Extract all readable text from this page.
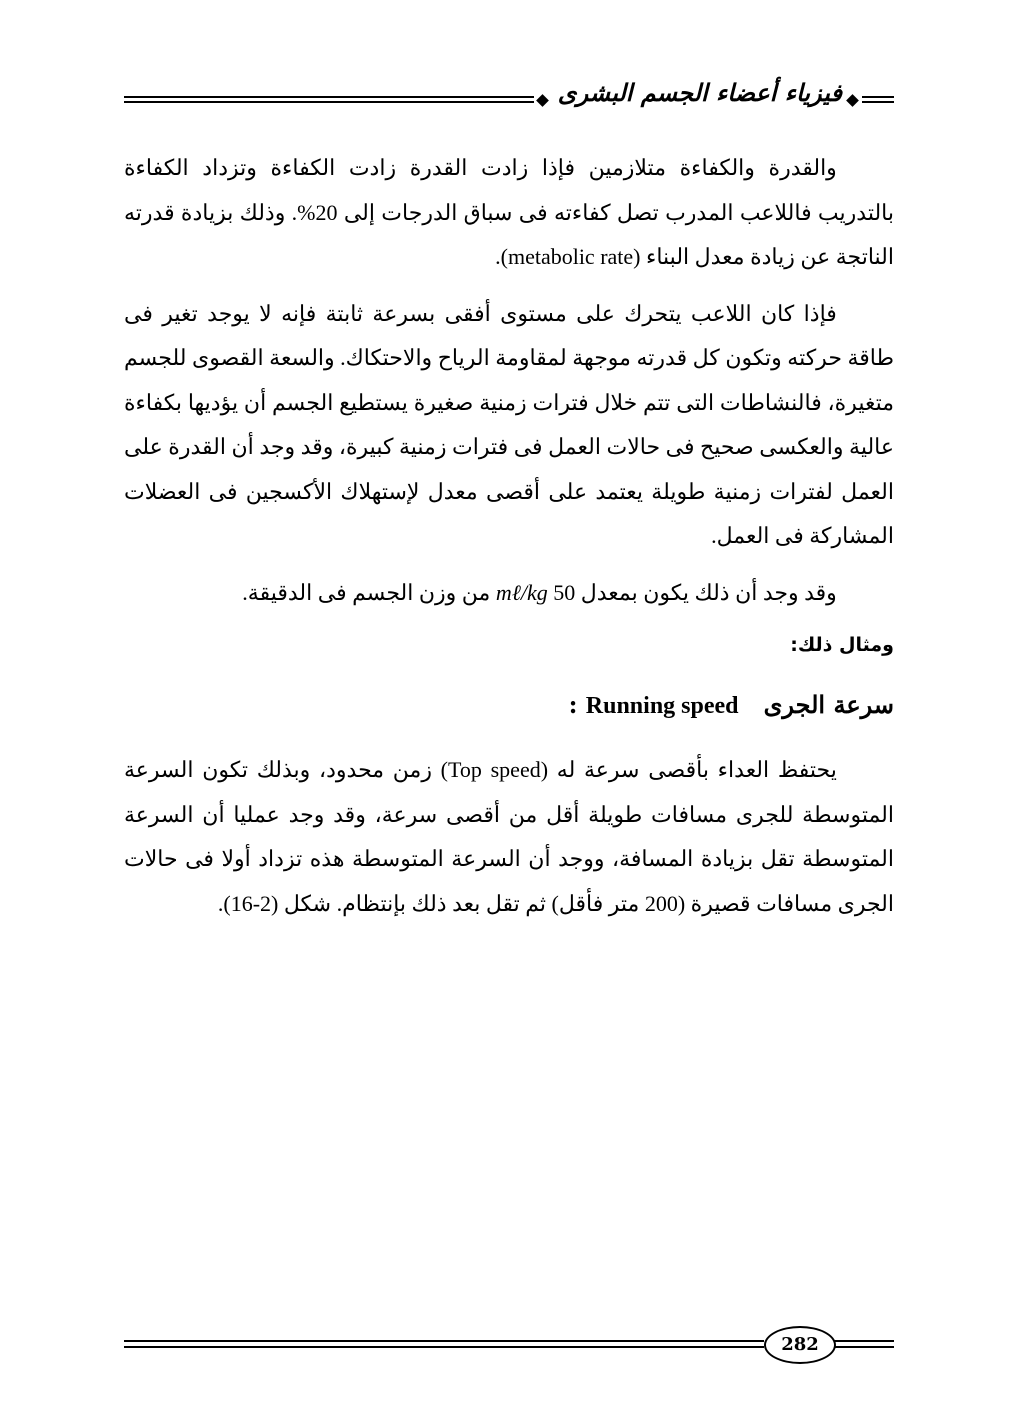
فيزياء أعضاء الجسم البشرى

والقدرة والكفاءة متلازمين فإذا زادت القدرة زادت الكفاءة وتزداد الكفاءة بالتدريب فاللاعب المدرب تصل كفاءته فى سباق الدرجات إلى 20%. وذلك بزيادة قدرته الناتجة عن زيادة معدل البناء (metabolic rate).

فإذا كان اللاعب يتحرك على مستوى أفقى بسرعة ثابتة فإنه لا يوجد تغير فى طاقة حركته وتكون كل قدرته موجهة لمقاومة الرياح والاحتكاك. والسعة القصوى للجسم متغيرة، فالنشاطات التى تتم خلال فترات زمنية صغيرة يستطيع الجسم أن يؤديها بكفاءة عالية والعكسى صحيح فى حالات العمل فى فترات زمنية كبيرة، وقد وجد أن القدرة على العمل لفترات زمنية طويلة يعتمد على أقصى معدل لإستهلاك الأكسجين فى العضلات المشاركة فى العمل.

وقد وجد أن ذلك يكون بمعدل 50 mℓ/kg من وزن الجسم فى الدقيقة.

ومثال ذلك:

سرعة الجرى   Running speed :

يحتفظ العداء بأقصى سرعة له (Top speed) زمن محدود، وبذلك تكون السرعة المتوسطة للجرى مسافات طويلة أقل من أقصى سرعة، وقد وجد عمليا أن السرعة المتوسطة تقل بزيادة المسافة، ووجد أن السرعة المتوسطة هذه تزداد أولا فى حالات الجرى مسافات قصيرة (200 متر فأقل) ثم تقل بعد ذلك بإنتظام. شكل (2-16).

282
